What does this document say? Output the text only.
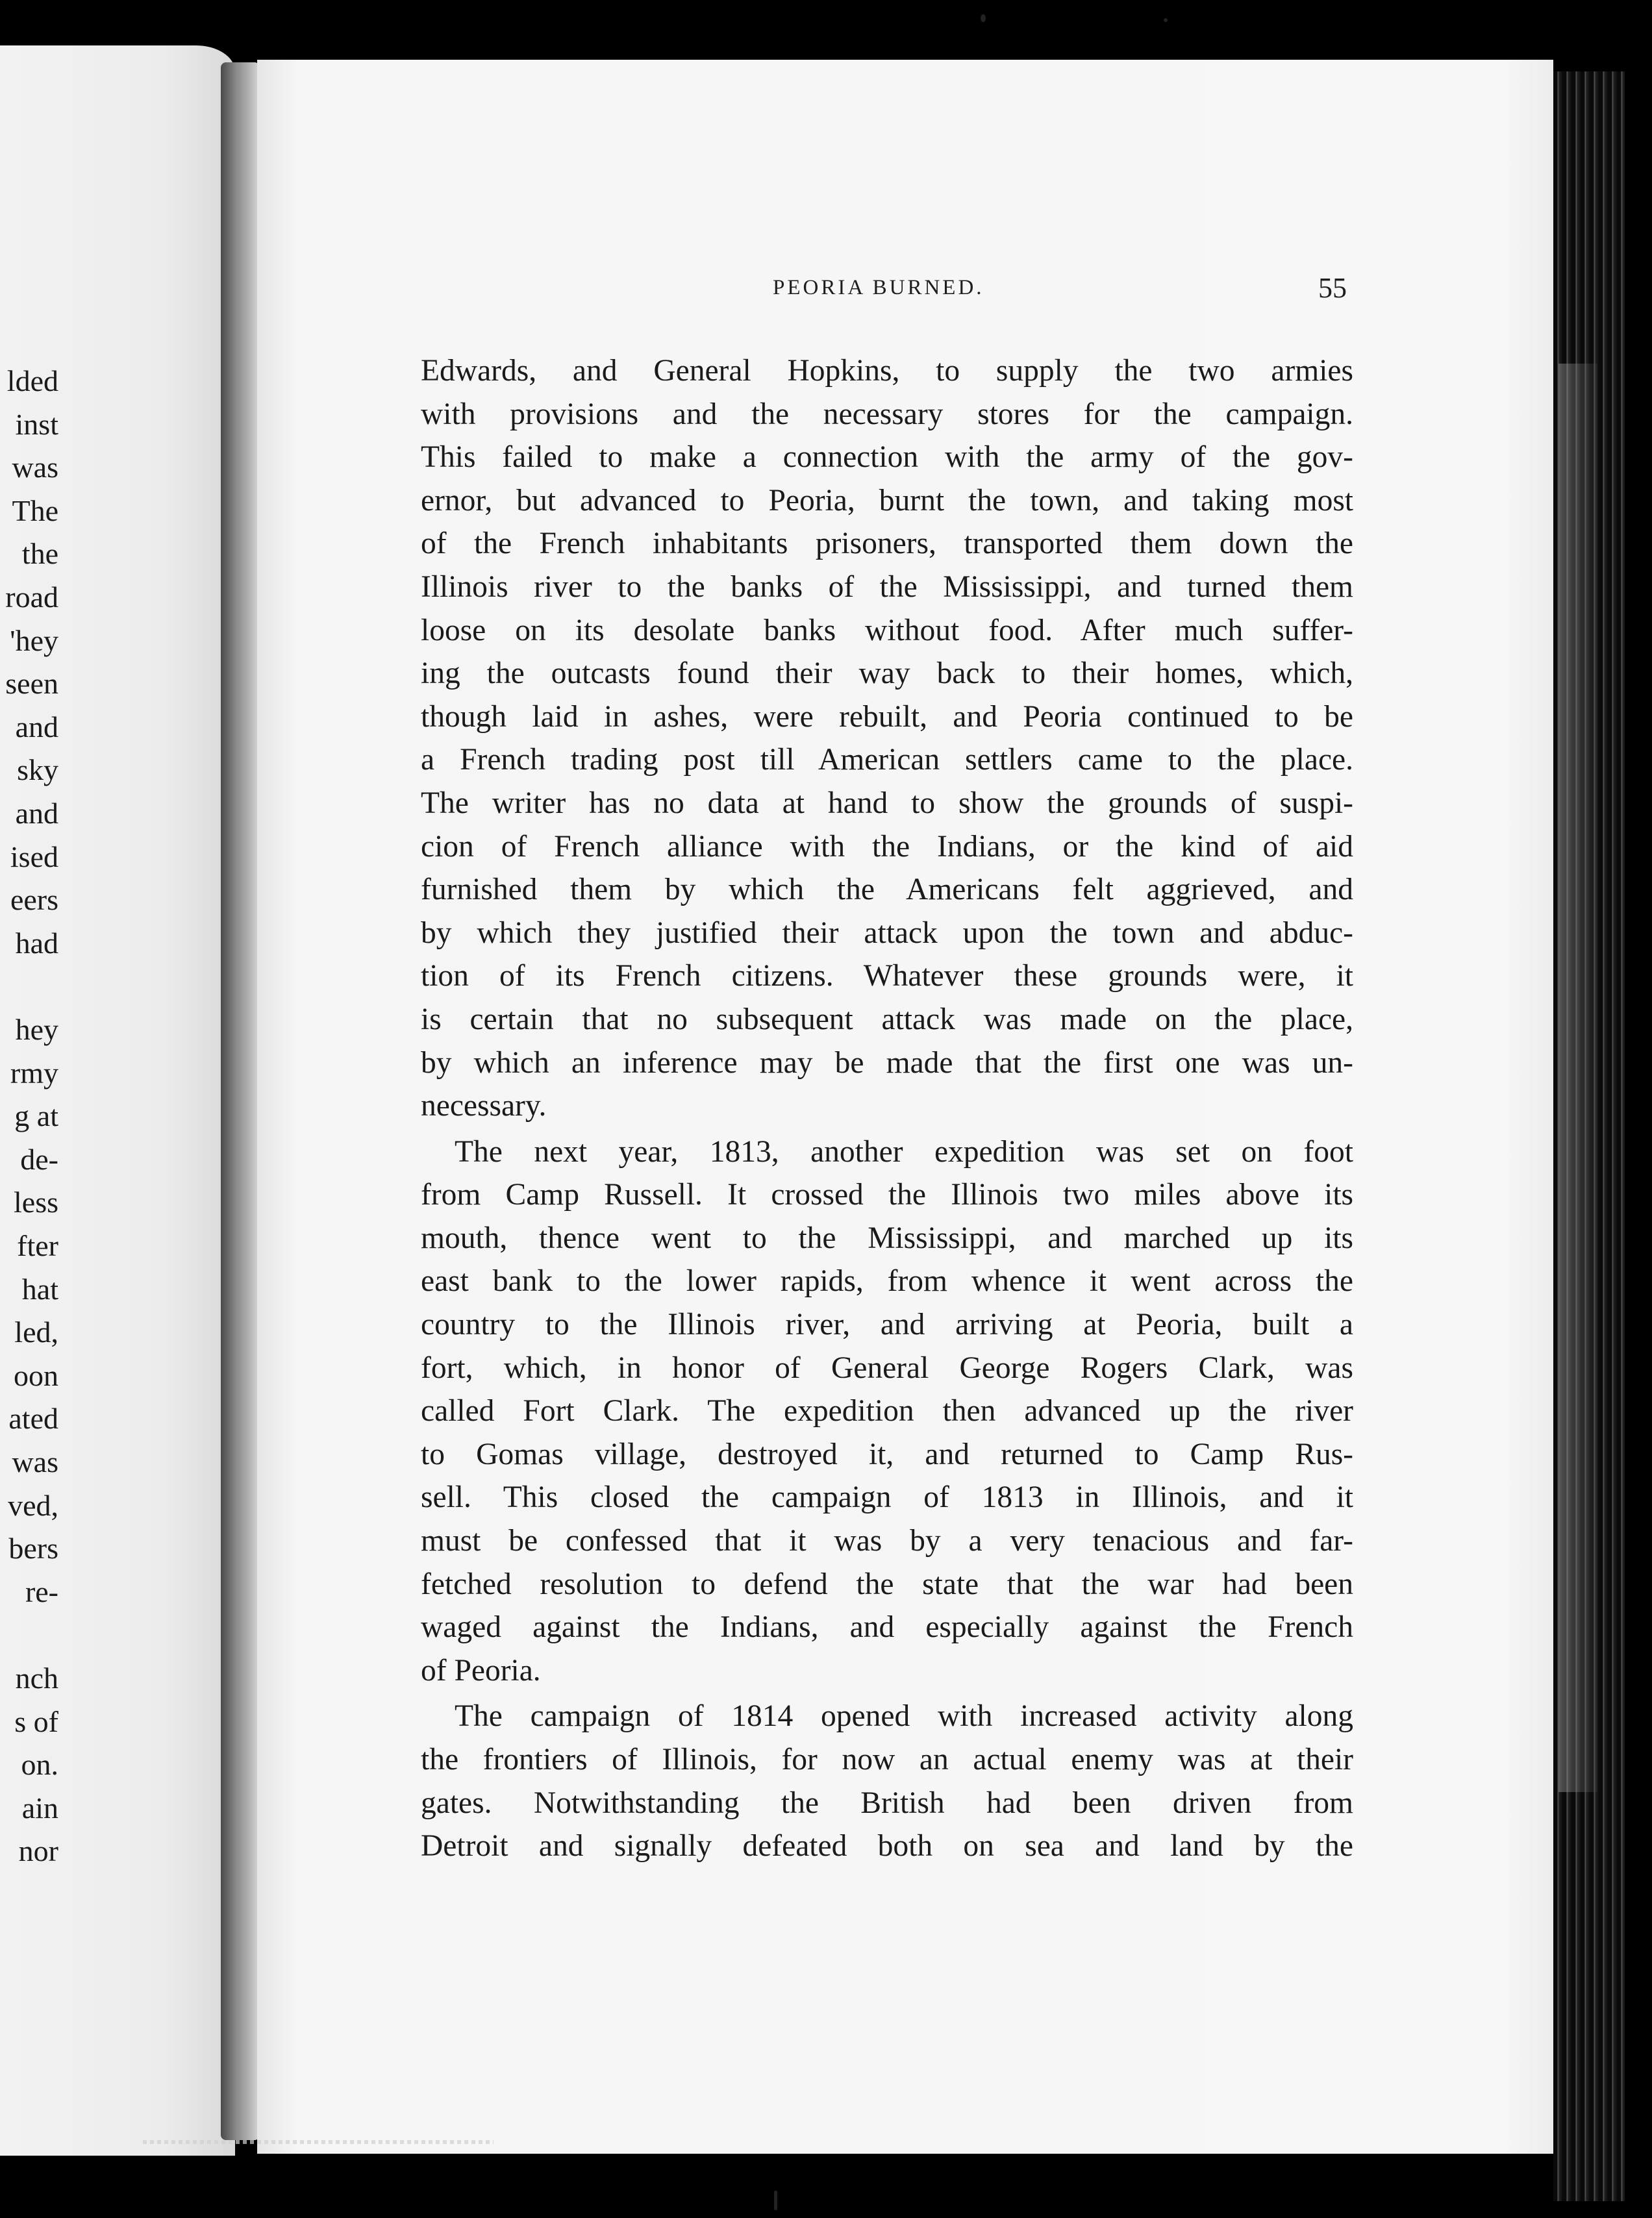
lded
inst
was
The
the
road
'hey
seen
and
sky
and
ised
eers
had
hey
rmy
g at
de-
less
fter
hat
led,
oon
ated
was
ved,
bers
re-
nch
s of
on.
ain
nor
PEORIA BURNED.	55
Edwards, and General Hopkins, to supply the two armies
with provisions and the necessary stores for the campaign.
This failed to make a connection with the army of the gov-
ernor, but advanced to Peoria, burnt the town, and taking most
of the French inhabitants prisoners, transported them down the
Illinois river to the banks of the Mississippi, and turned them
loose on its desolate banks without food. After much suffer-
ing the outcasts found their way back to their homes, which,
though laid in ashes, were rebuilt, and Peoria continued to be
a French trading post till American settlers came to the place.
The writer has no data at hand to show the grounds of suspi-
cion of French alliance with the Indians, or the kind of aid
furnished them by which the Americans felt aggrieved, and
by which they justified their attack upon the town and abduc-
tion of its French citizens. Whatever these grounds were, it
is certain that no subsequent attack was made on the place,
by which an inference may be made that the first one was un-
necessary.
The next year, 1813, another expedition was set on foot
from Camp Russell. It crossed the Illinois two miles above its
mouth, thence went to the Mississippi, and marched up its
east bank to the lower rapids, from whence it went across the
country to the Illinois river, and arriving at Peoria, built a
fort, which, in honor of General George Rogers Clark, was
called Fort Clark. The expedition then advanced up the river
to Gomas village, destroyed it, and returned to Camp Rus-
sell. This closed the campaign of 1813 in Illinois, and it
must be confessed that it was by a very tenacious and far-
fetched resolution to defend the state that the war had been
waged against the Indians, and especially against the French
of Peoria.
The campaign of 1814 opened with increased activity along
the frontiers of Illinois, for now an actual enemy was at their
gates. Notwithstanding the British had been driven from
Detroit and signally defeated both on sea and land by the
